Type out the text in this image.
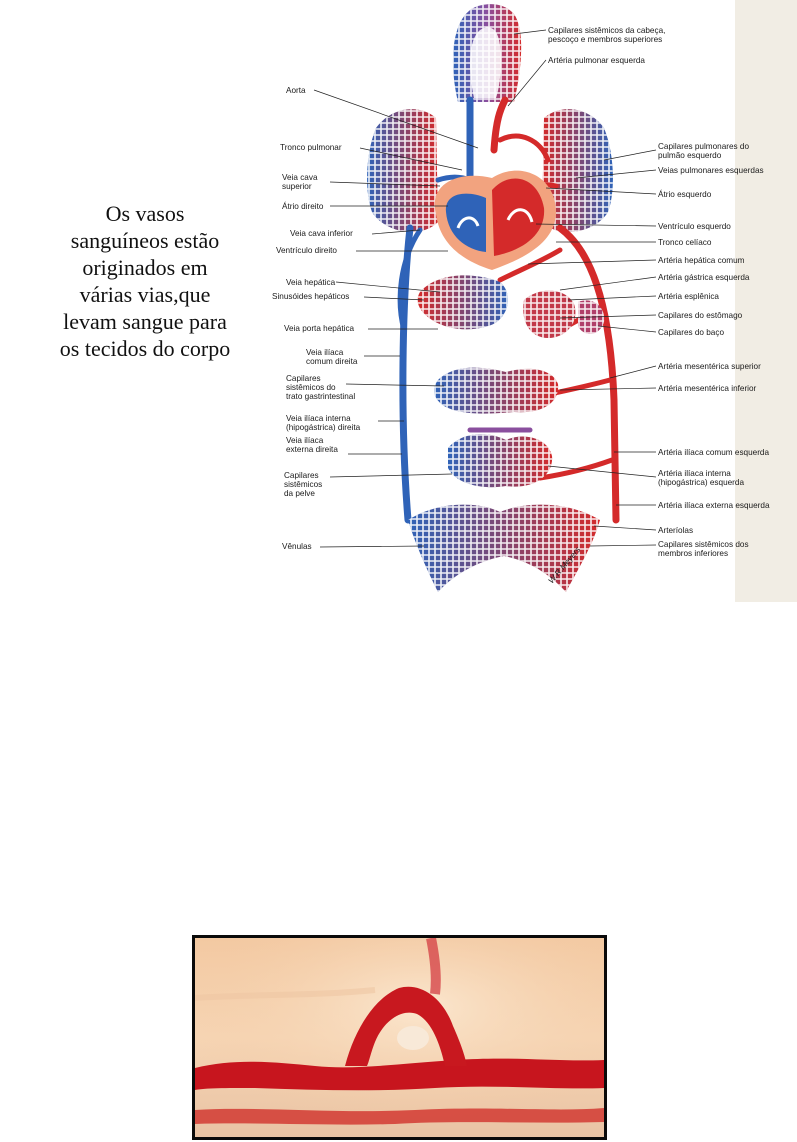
Os vasos
sanguíneos estão
originados em
várias vias,que
levam sangue para
os tecidos do corpo

W.R.Meyers
Aorta
Tronco pulmonar
Veia cava
superior
Átrio direito
Veia cava inferior
Ventrículo direito
Veia hepática
Sinusóides hepáticos
Veia porta hepática
Veia ilíaca
comum direita
Capilares
sistêmicos do
trato gastrintestinal
Veia ilíaca interna
(hipogástrica) direita
Veia ilíaca
externa direita
Capilares
sistêmicos
da pelve
Vênulas
Capilares sistêmicos da cabeça,
pescoço e membros superiores
Artéria pulmonar esquerda
Capilares pulmonares do
pulmão esquerdo
Veias pulmonares esquerdas
Átrio esquerdo
Ventrículo esquerdo
Tronco celíaco
Artéria hepática comum
Artéria gástrica esquerda
Artéria esplênica
Capilares do estômago
Capilares do baço
Artéria mesentérica superior
Artéria mesentérica inferior
Artéria ilíaca comum esquerda
Artéria ilíaca interna
(hipogástrica) esquerda
Artéria ilíaca externa esquerda
Arteríolas
Capilares sistêmicos dos
membros inferiores
